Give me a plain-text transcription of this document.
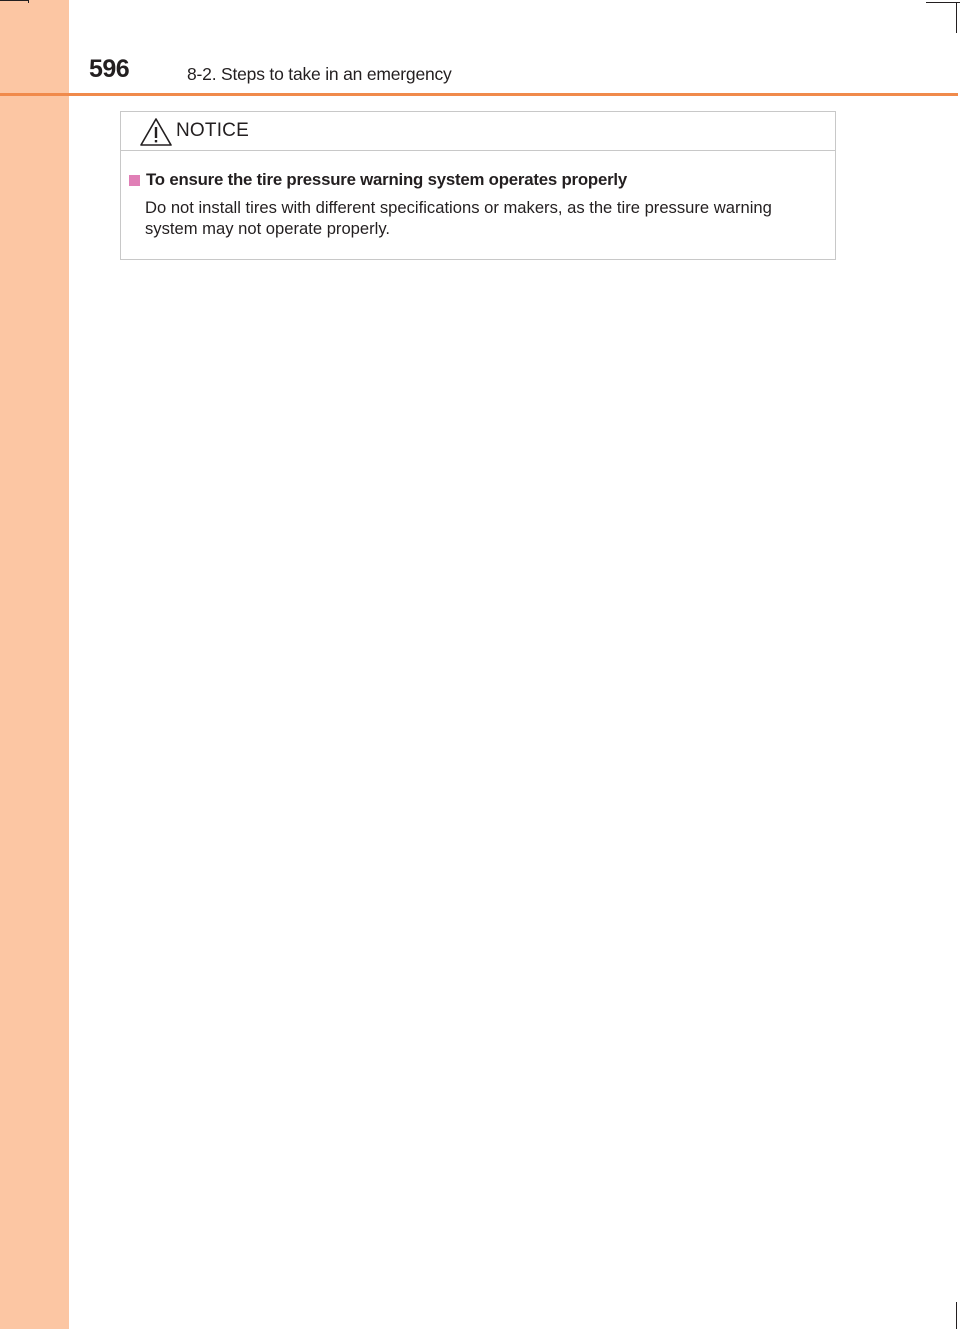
596	8-2. Steps to take in an emergency
NOTICE
To ensure the tire pressure warning system operates properly
Do not install tires with different specifications or makers, as the tire pressure warning system may not operate properly.
